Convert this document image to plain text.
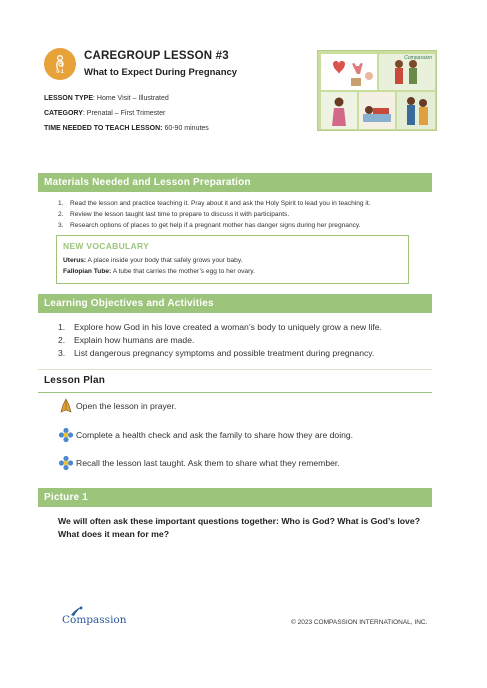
0-1
CAREGROUP LESSON #3
What to Expect During Pregnancy
LESSON TYPE: Home Visit – Illustrated
CATEGORY: Prenatal – First Trimester
TIME NEEDED TO TEACH LESSON: 60-90 minutes
Compassion
Materials Needed and Lesson Preparation
1. Read the lesson and practice teaching it. Pray about it and ask the Holy Spirit to lead you in teaching it.
2. Review the lesson taught last time to prepare to discuss it with participants.
3. Research options of places to get help if a pregnant mother has danger signs during her pregnancy.
NEW VOCABULARY
Uterus: A place inside your body that safely grows your baby.
Fallopian Tube: A tube that carries the mother’s egg to her ovary.
Learning Objectives and Activities
1. Explore how God in his love created a woman’s body to uniquely grow a new life.
2. Explain how humans are made.
3. List dangerous pregnancy symptoms and possible treatment during pregnancy.
Lesson Plan
Open the lesson in prayer.
Complete a health check and ask the family to share how they are doing.
Recall the lesson last taught. Ask them to share what they remember.
Picture 1
We will often ask these important questions together: Who is God? What is God’s love? What does it mean for me?
Compassion	© 2023 COMPASSION INTERNATIONAL, INC.
